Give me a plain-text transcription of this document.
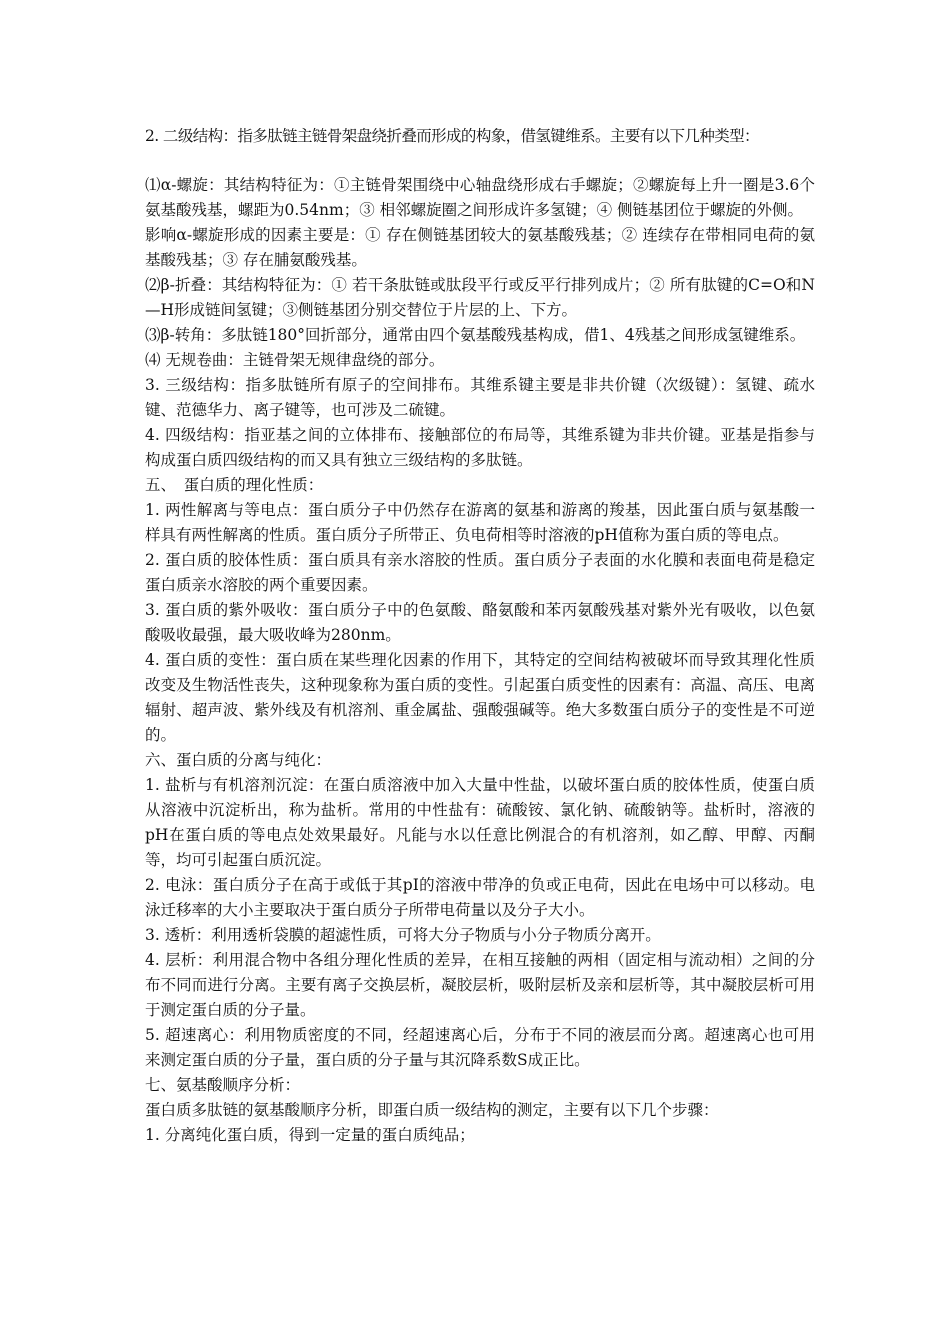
2. 二级结构：指多肽链主链骨架盘绕折叠而形成的构象，借氢键维系。主要有以下几种类型：

⑴α-螺旋：其结构特征为：①主链骨架围绕中心轴盘绕形成右手螺旋；②螺旋每上升一圈是3.6个氨基酸残基，螺距为0.54nm；③ 相邻螺旋圈之间形成许多氢键；④ 侧链基团位于螺旋的外侧。

影响α-螺旋形成的因素主要是：① 存在侧链基团较大的氨基酸残基；② 连续存在带相同电荷的氨基酸残基；③ 存在脯氨酸残基。

⑵β-折叠：其结构特征为：① 若干条肽链或肽段平行或反平行排列成片；② 所有肽键的C=O和N—H形成链间氢键；③侧链基团分别交替位于片层的上、下方。

⑶β-转角：多肽链180°回折部分，通常由四个氨基酸残基构成，借1、4残基之间形成氢键维系。

⑷ 无规卷曲：主链骨架无规律盘绕的部分。

3. 三级结构：指多肽链所有原子的空间排布。其维系键主要是非共价键（次级键）：氢键、疏水键、范德华力、离子键等，也可涉及二硫键。

4. 四级结构：指亚基之间的立体排布、接触部位的布局等，其维系键为非共价键。亚基是指参与构成蛋白质四级结构的而又具有独立三级结构的多肽链。

五、　蛋白质的理化性质：

1. 两性解离与等电点：蛋白质分子中仍然存在游离的氨基和游离的羧基，因此蛋白质与氨基酸一样具有两性解离的性质。蛋白质分子所带正、负电荷相等时溶液的pH值称为蛋白质的等电点。

2. 蛋白质的胶体性质：蛋白质具有亲水溶胶的性质。蛋白质分子表面的水化膜和表面电荷是稳定蛋白质亲水溶胶的两个重要因素。

3. 蛋白质的紫外吸收：蛋白质分子中的色氨酸、酪氨酸和苯丙氨酸残基对紫外光有吸收，以色氨酸吸收最强，最大吸收峰为280nm。

4. 蛋白质的变性：蛋白质在某些理化因素的作用下，其特定的空间结构被破坏而导致其理化性质改变及生物活性丧失，这种现象称为蛋白质的变性。引起蛋白质变性的因素有：高温、高压、电离辐射、超声波、紫外线及有机溶剂、重金属盐、强酸强碱等。绝大多数蛋白质分子的变性是不可逆的。

六、蛋白质的分离与纯化：

1. 盐析与有机溶剂沉淀：在蛋白质溶液中加入大量中性盐，以破坏蛋白质的胶体性质，使蛋白质从溶液中沉淀析出，称为盐析。常用的中性盐有：硫酸铵、氯化钠、硫酸钠等。盐析时，溶液的pH在蛋白质的等电点处效果最好。凡能与水以任意比例混合的有机溶剂，如乙醇、甲醇、丙酮等，均可引起蛋白质沉淀。

2. 电泳：蛋白质分子在高于或低于其pI的溶液中带净的负或正电荷，因此在电场中可以移动。电泳迁移率的大小主要取决于蛋白质分子所带电荷量以及分子大小。

3. 透析：利用透析袋膜的超滤性质，可将大分子物质与小分子物质分离开。

4. 层析：利用混合物中各组分理化性质的差异，在相互接触的两相（固定相与流动相）之间的分布不同而进行分离。主要有离子交换层析，凝胶层析，吸附层析及亲和层析等，其中凝胶层析可用于测定蛋白质的分子量。

5. 超速离心：利用物质密度的不同，经超速离心后，分布于不同的液层而分离。超速离心也可用来测定蛋白质的分子量，蛋白质的分子量与其沉降系数S成正比。

七、氨基酸顺序分析：

蛋白质多肽链的氨基酸顺序分析，即蛋白质一级结构的测定，主要有以下几个步骤：

1. 分离纯化蛋白质，得到一定量的蛋白质纯品；
